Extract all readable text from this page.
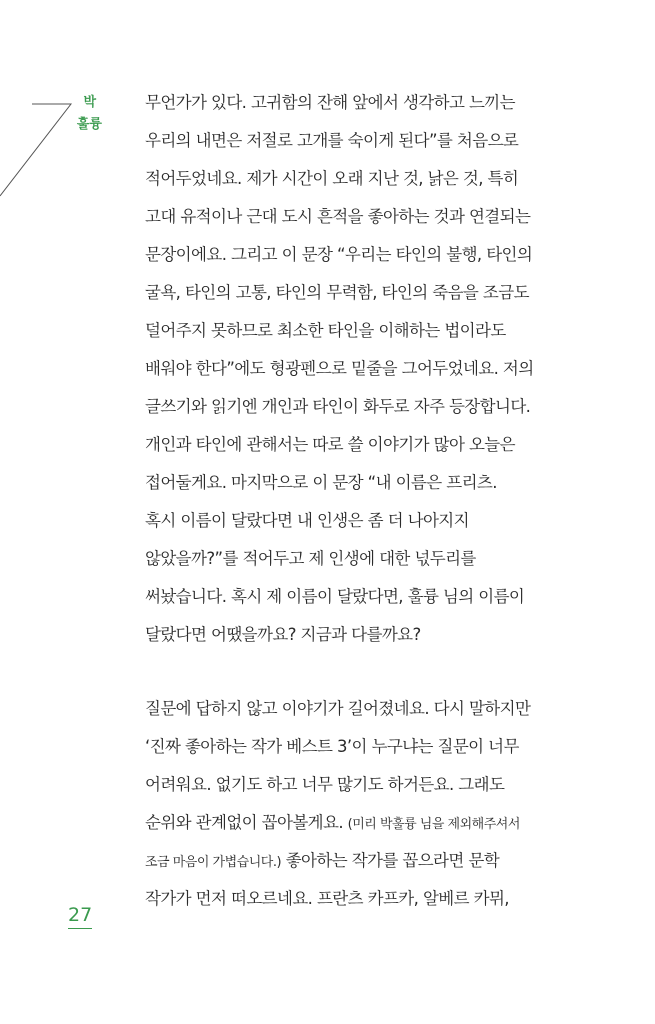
박
훌륭
무언가가 있다. 고귀함의 잔해 앞에서 생각하고 느끼는
우리의 내면은 저절로 고개를 숙이게 된다”를 처음으로
적어두었네요. 제가 시간이 오래 지난 것, 낡은 것, 특히
고대 유적이나 근대 도시 흔적을 좋아하는 것과 연결되는
문장이에요. 그리고 이 문장 “우리는 타인의 불행, 타인의
굴욕, 타인의 고통, 타인의 무력함, 타인의 죽음을 조금도
덜어주지 못하므로 최소한 타인을 이해하는 법이라도
배워야 한다”에도 형광펜으로 밑줄을 그어두었네요. 저의
글쓰기와 읽기엔 개인과 타인이 화두로 자주 등장합니다.
개인과 타인에 관해서는 따로 쓸 이야기가 많아 오늘은
접어둘게요. 마지막으로 이 문장 “내 이름은 프리츠.
혹시 이름이 달랐다면 내 인생은 좀 더 나아지지
않았을까?”를 적어두고 제 인생에 대한 넋두리를
써놨습니다. 혹시 제 이름이 달랐다면, 훌륭 님의 이름이
달랐다면 어땠을까요? 지금과 다를까요?
질문에 답하지 않고 이야기가 길어졌네요. 다시 말하지만
‘진짜 좋아하는 작가 베스트 3’이 누구냐는 질문이 너무
어려워요. 없기도 하고 너무 많기도 하거든요. 그래도
순위와 관계없이 꼽아볼게요. (미리 박훌륭 님을 제외해주셔서
조금 마음이 가볍습니다.) 좋아하는 작가를 꼽으라면 문학
작가가 먼저 떠오르네요. 프란츠 카프카, 알베르 카뮈,
27
